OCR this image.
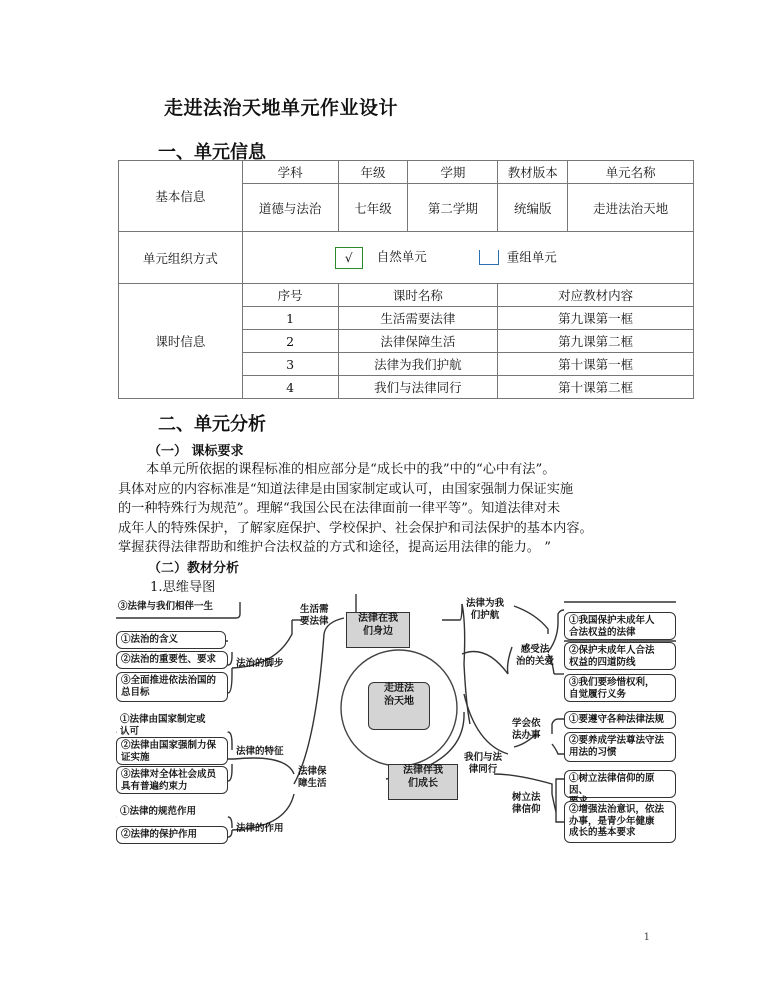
走进法治天地单元作业设计
一、单元信息
基本信息	学科	年级	学期	教材版本	单元名称
	道德与法治	七年级	第二学期	统编版	走进法治天地
单元组织方式	√ 自然单元 重组单元				
课时信息	序号	课时名称		对应教材内容	
	1	生活需要法律		第九课第一框	
	2	法律保障生活		第九课第二框	
	3	法律为我们护航		第十课第一框	
	4	我们与法律同行		第十课第二框	
二、单元分析
（一） 课标要求
本单元所依据的课程标准的相应部分是“成长中的我”中的“心中有法”。
具体对应的内容标准是“知道法律是由国家制定或认可，由国家强制力保证实施
的一种特殊行为规范”。理解“我国公民在法律面前一律平等”。知道法律对未
成年人的特殊保护，了解家庭保护、学校保护、社会保护和司法保护的基本内容。
掌握获得法律帮助和维护合法权益的方式和途径，提高运用法律的能力。 ”
（二）教材分析
1.思维导图
走进法
治天地
法律在我
们身边
法律伴我
们成长
③法律与我们相伴一生	生活需
要法律
①法治的含义
②法治的重要性、要求
③全面推进依法治国的
总目标
法治的脚步
①法律由国家制定或
认可
②法律由国家强制力保
证实施
③法律对全体社会成员
具有普遍约束力
法律的特征
法律保
障生活
①法律的规范作用
②法律的保护作用
法律的作用
法律为我
们护航
感受法
治的关爱
①我国保护未成年人
合法权益的法律
②保护未成年人合法
权益的四道防线
③我们要珍惜权利，
自觉履行义务
我们与法
律同行
学会依
法办事
①要遵守各种法律法规
②要养成学法尊法守法
用法的习惯
树立法
律信仰
①树立法律信仰的原因、

②增强法治意识，依法
办事，是青少年健康
成长的基本要求
1
